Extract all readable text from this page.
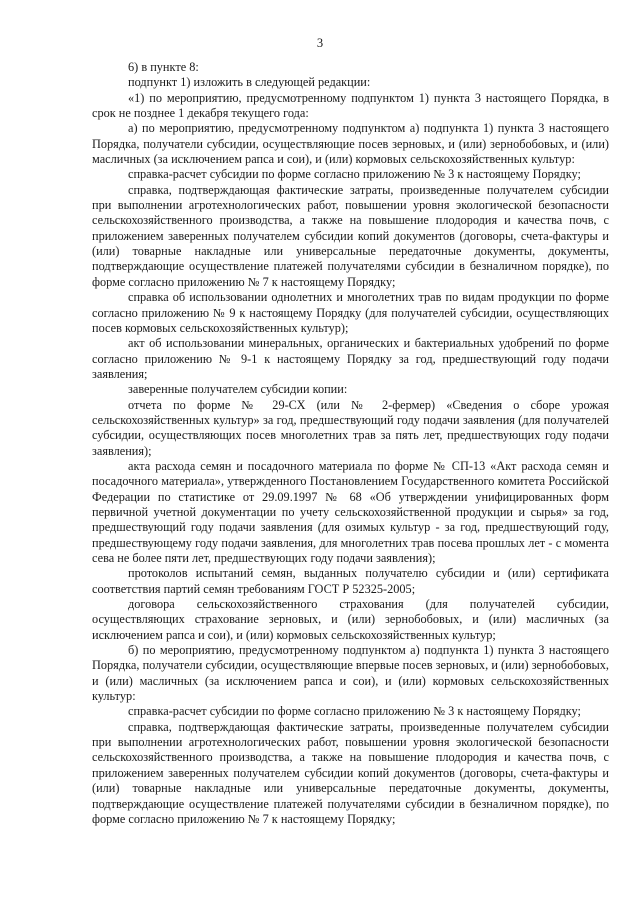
3

6) в пункте 8:

подпункт 1) изложить в следующей редакции:

«1) по мероприятию, предусмотренному подпунктом 1) пункта 3 настоящего Порядка, в срок не позднее 1 декабря текущего года:

а) по мероприятию, предусмотренному подпунктом а) подпункта 1) пункта 3 настоящего Порядка, получатели субсидии, осуществляющие посев зерновых, и (или) зернобобовых, и (или) масличных (за исключением рапса и сои), и (или) кормовых сельскохозяйственных культур:

справка-расчет субсидии по форме согласно приложению № 3 к настоящему Порядку;

справка, подтверждающая фактические затраты, произведенные получателем субсидии при выполнении агротехнологических работ, повышении уровня экологической безопасности сельскохозяйственного производства, а также на повышение плодородия и качества почв, с приложением заверенных получателем субсидии копий документов (договоры, счета-фактуры и (или) товарные накладные или универсальные передаточные документы, документы, подтверждающие осуществление платежей получателями субсидии в безналичном порядке), по форме согласно приложению № 7 к настоящему Порядку;

справка об использовании однолетних и многолетних трав по видам продукции по форме согласно приложению № 9 к настоящему Порядку (для получателей субсидии, осуществляющих посев кормовых сельскохозяйственных культур);

акт об использовании минеральных, органических и бактериальных удобрений по форме согласно приложению № 9-1 к настоящему Порядку за год, предшествующий году подачи заявления;

заверенные получателем субсидии копии:

отчета по форме № 29-СХ (или № 2-фермер) «Сведения о сборе урожая сельскохозяйственных культур» за год, предшествующий году подачи заявления (для получателей субсидии, осуществляющих посев многолетних трав за пять лет, предшествующих году подачи заявления);

акта расхода семян и посадочного материала по форме № СП-13 «Акт расхода семян и посадочного материала», утвержденного Постановлением Государственного комитета Российской Федерации по статистике от 29.09.1997 № 68 «Об утверждении унифицированных форм первичной учетной документации по учету сельскохозяйственной продукции и сырья» за год, предшествующий году подачи заявления (для озимых культур - за год, предшествующий году, предшествующему году подачи заявления, для многолетних трав посева прошлых лет - с момента сева не более пяти лет, предшествующих году подачи заявления);

протоколов испытаний семян, выданных получателю субсидии и (или) сертификата соответствия партий семян требованиям ГОСТ Р 52325-2005;

договора сельскохозяйственного страхования (для получателей субсидии, осуществляющих страхование зерновых, и (или) зернобобовых, и (или) масличных (за исключением рапса и сои), и (или) кормовых сельскохозяйственных культур;

б) по мероприятию, предусмотренному подпунктом а) подпункта 1) пункта 3 настоящего Порядка, получатели субсидии, осуществляющие впервые посев зерновых, и (или) зернобобовых, и (или) масличных (за исключением рапса и сои), и (или) кормовых сельскохозяйственных культур:

справка-расчет субсидии по форме согласно приложению № 3 к настоящему Порядку;

справка, подтверждающая фактические затраты, произведенные получателем субсидии при выполнении агротехнологических работ, повышении уровня экологической безопасности сельскохозяйственного производства, а также на повышение плодородия и качества почв, с приложением заверенных получателем субсидии копий документов (договоры, счета-фактуры и (или) товарные накладные или универсальные передаточные документы, документы, подтверждающие осуществление платежей получателями субсидии в безналичном порядке), по форме согласно приложению № 7 к настоящему Порядку;
